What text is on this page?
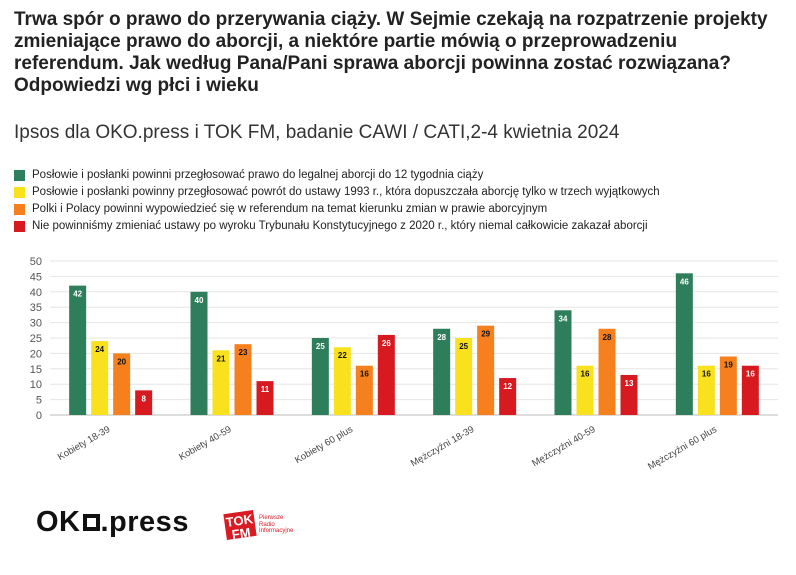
Trwa spór o prawo do przerywania ciąży. W Sejmie czekają na rozpatrzenie projekty zmieniające prawo do aborcji, a niektóre partie mówią o przeprowadzeniu referendum. Jak według Pana/Pani sprawa aborcji powinna zostać rozwiązana? Odpowiedzi wg płci i wieku
Ipsos dla OKO.press i TOK FM, badanie CAWI / CATI,2-4 kwietnia 2024
Posłowie i posłanki powinni przegłosować prawo do legalnej aborcji do 12 tygodnia ciąży
Posłowie i posłanki powinny przegłosować powrót do ustawy 1993 r., która dopuszczała aborcję tylko w trzech wyjątkowych
Polki i Polacy powinni wypowiedzieć się w referendum na temat kierunku zmian w prawie aborcyjnym
Nie powinniśmy zmieniać ustawy po wyroku Trybunału Konstytucyjnego z 2020 r., który niemal całkowicie zakazał aborcji
0
5
10
15
20
25
30
35
40
45
50
42
24
20
8
Kobiety 18-39
40
21
23
11
Kobiety 40-59
25
22
16
26
Kobiety 60 plus
28
25
29
12
Mężczyźni 18-39
34
16
28
13
Mężczyźni 40-59
46
16
19
16
Mężczyźni 60 plus
OK .press	TOK FM
Pierwsze Radio Informacyjne
